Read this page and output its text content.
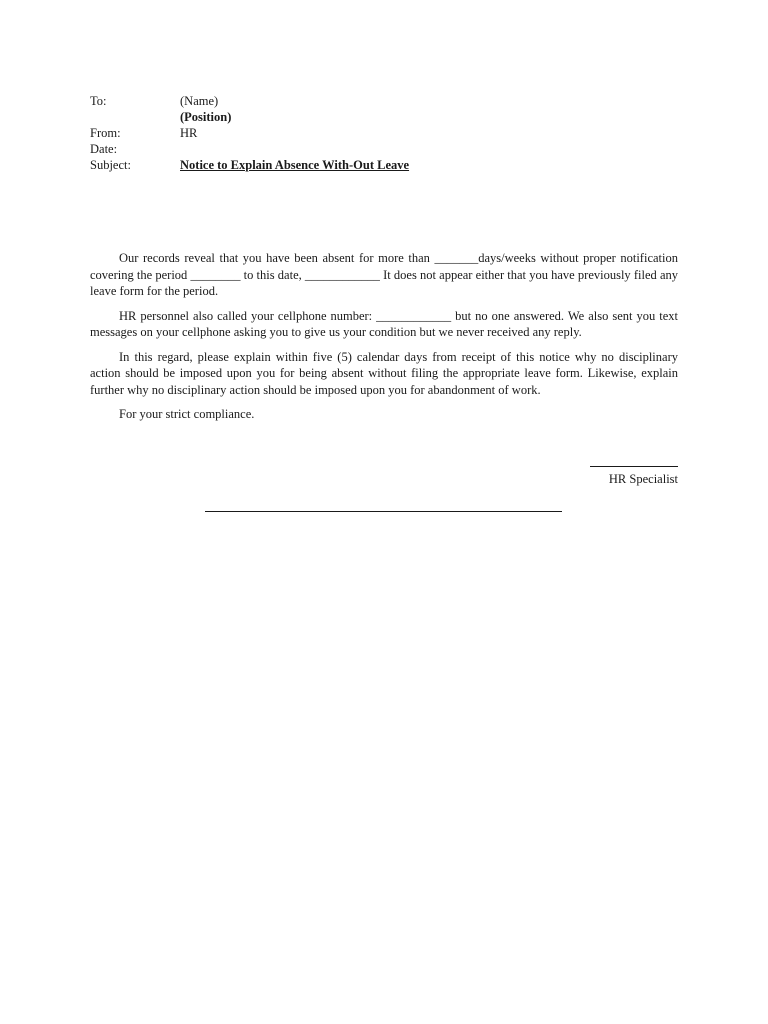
To:	(Name)
(Position)
From:	HR
Date:
Subject:	Notice to Explain Absence With-Out Leave

Our records reveal that you have been absent for more than _______days/weeks without proper notification covering the period ________ to this date, ____________ It does not appear either that you have previously filed any leave form for the period.

HR personnel also called your cellphone number: ____________ but no one answered. We also sent you text messages on your cellphone asking you to give us your condition but we never received any reply.

In this regard, please explain within five (5) calendar days from receipt of this notice why no disciplinary action should be imposed upon you for being absent without filing the appropriate leave form. Likewise, explain further why no disciplinary action should be imposed upon you for abandonment of work.

For your strict compliance.

HR Specialist
